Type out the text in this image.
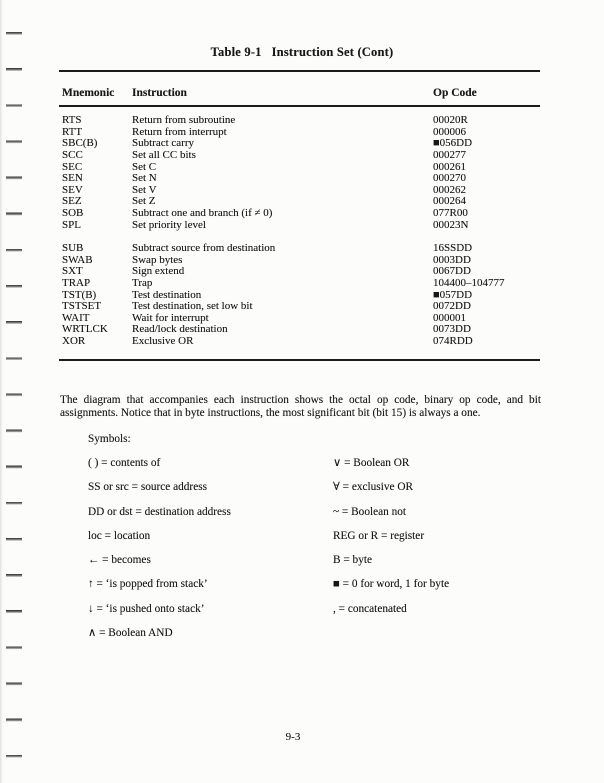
Table 9-1   Instruction Set (Cont)
Mnemonic Instruction	Op Code
RTS	Return from subroutine	00020R
RTT	Return from interrupt	000006
SBC(B)	Subtract carry	■056DD
SCC	Set all CC bits	000277
SEC	Set C	000261
SEN	Set N	000270
SEV	Set V	000262
SEZ	Set Z	000264
SOB	Subtract one and branch (if ≠ 0)	077R00
SPL	Set priority level	00023N
SUB	Subtract source from destination	16SSDD
SWAB	Swap bytes	0003DD
SXT	Sign extend	0067DD
TRAP	Trap	104400–104777
TST(B)	Test destination	■057DD
TSTSET	Test destination, set low bit	0072DD
WAIT	Wait for interrupt	000001
WRTLCK Read/lock destination	0073DD
XOR	Exclusive OR	074RDD

The diagram that accompanies each instruction shows the octal op code, binary op code, and bit assignments. Notice that in byte instructions, the most significant bit (bit 15) is always a one.

Symbols:
( ) = contents of
SS or src = source address
DD or dst = destination address
loc = location
← = becomes
↑ = ‘is popped from stack’
↓ = ‘is pushed onto stack’
∧ = Boolean AND
∨ = Boolean OR
∀ = exclusive OR
~ = Boolean not
REG or R = register
B = byte
■ = 0 for word, 1 for byte
, = concatenated
9-3
